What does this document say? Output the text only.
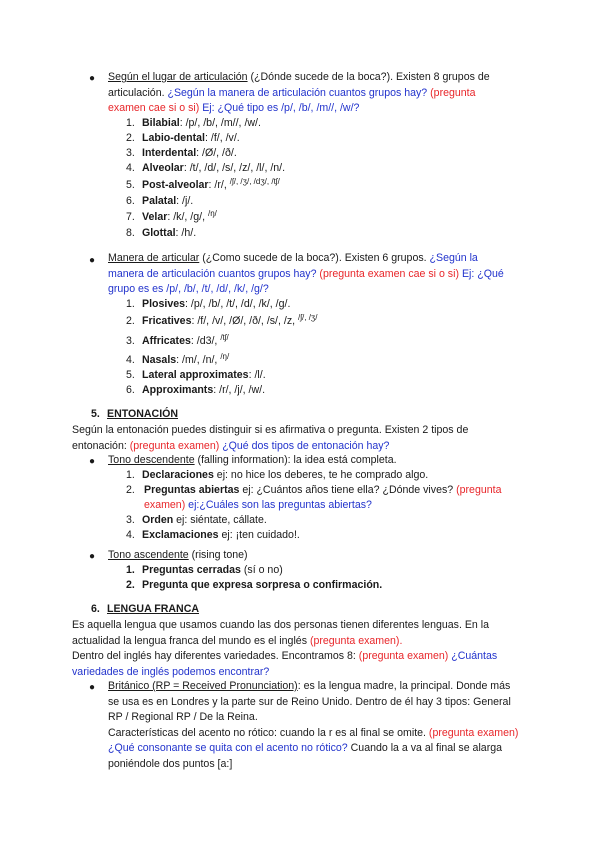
● Según el lugar de articulación (¿Dónde sucede de la boca?). Existen 8 grupos de articulación. ¿Según la manera de articulación cuantos grupos hay? (pregunta examen cae si o si) Ej: ¿Qué tipo es /p/, /b/, /m//, /w/?
1. Bilabial: /p/, /b/, /m//, /w/.
2. Labio-dental: /f/, /v/.
3. Interdental: /Ø/, /ð/.
4. Alveolar: /t/, /d/, /s/, /z/, /l/, /n/.
5. Post-alveolar: /r/, $^{/ʃ/, /ʒ/, /dʒ/, /tʃ/}$
6. Palatal: /j/.
7. Velar: /k/, /g/, $^{/ŋ/}$
8. Glottal: /h/.
● Manera de articular (¿Como sucede de la boca?). Existen 6 grupos. ¿Según la manera de articulación cuantos grupos hay? (pregunta examen cae si o si) Ej: ¿Qué grupo es es /p/, /b/, /t/, /d/, /k/, /g/?
1. Plosives: /p/, /b/, /t/, /d/, /k/, /g/.
2. Fricatives: /f/, /v/, /Ø/, /ð/, /s/, /z, $^{/ʃ/, /ʒ/}$
3. Affricates: /d3/, $^{/tʃ/}$
4. Nasals: /m/, /n/, $^{/ŋ/}$
5. Lateral approximates: /l/.
6. Approximants: /r/, /j/, /w/.
5. ENTONACIÓN
Según la entonación puedes distinguir si es afirmativa o pregunta. Existen 2 tipos de entonación: (pregunta examen) ¿Qué dos tipos de entonación hay?
● Tono descendente (falling information): la idea está completa.
1. Declaraciones ej: no hice los deberes, te he comprado algo.
2. Preguntas abiertas ej: ¿Cuántos años tiene ella? ¿Dónde vives? (pregunta examen) ej:¿Cuáles son las preguntas abiertas?
3. Orden ej: siéntate, cállate.
4. Exclamaciones ej: ¡ten cuidado!.
● Tono ascendente (rising tone)
1. Preguntas cerradas (sí o no)
2. Pregunta que expresa sorpresa o confirmación.
6. LENGUA FRANCA
Es aquella lengua que usamos cuando las dos personas tienen diferentes lenguas. En la actualidad la lengua franca del mundo es el inglés (pregunta examen).
Dentro del inglés hay diferentes variedades. Encontramos 8: (pregunta examen) ¿Cuántas variedades de inglés podemos encontrar?
● Británico (RP = Received Pronunciation): es la lengua madre, la principal. Donde más se usa es en Londres y la parte sur de Reino Unido. Dentro de él hay 3 tipos: General RP / Regional RP / De la Reina.
Características del acento no rótico: cuando la r es al final se omite. (pregunta examen) ¿Qué consonante se quita con el acento no rótico? Cuando la a va al final se alarga poniéndole dos puntos [a:]
